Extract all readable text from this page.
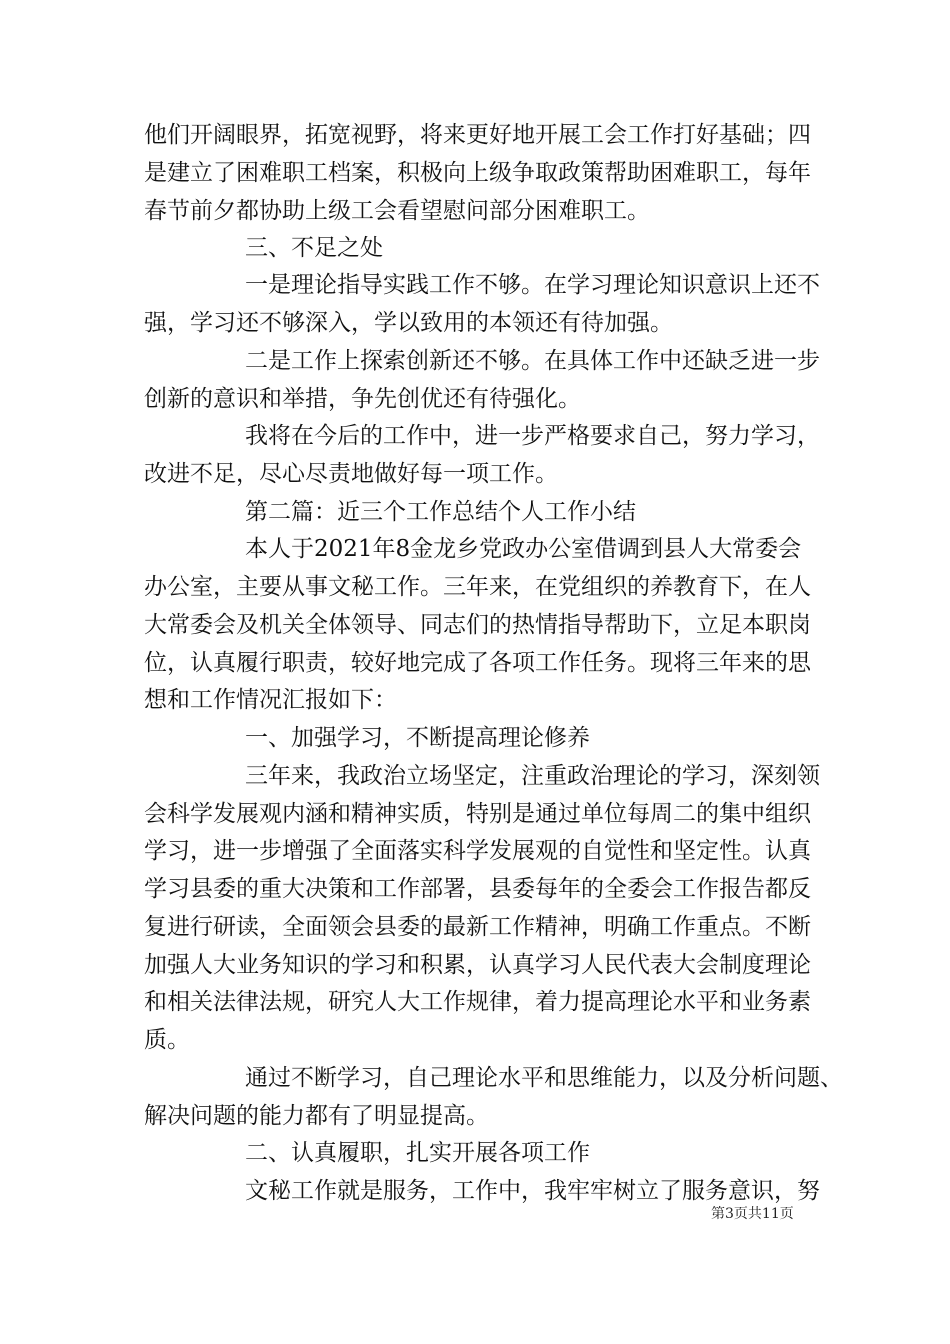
他们开阔眼界，拓宽视野，将来更好地开展工会工作打好基础；四
是建立了困难职工档案，积极向上级争取政策帮助困难职工，每年
春节前夕都协助上级工会看望慰问部分困难职工。
三、不足之处
一是理论指导实践工作不够。在学习理论知识意识上还不
强，学习还不够深入，学以致用的本领还有待加强。
二是工作上探索创新还不够。在具体工作中还缺乏进一步
创新的意识和举措，争先创优还有待强化。
我将在今后的工作中，进一步严格要求自己，努力学习，
改进不足，尽心尽责地做好每一项工作。
第二篇：近三个工作总结个人工作小结
本人于2021年8金龙乡党政办公室借调到县人大常委会
办公室，主要从事文秘工作。三年来，在党组织的养教育下，在人
大常委会及机关全体领导、同志们的热情指导帮助下，立足本职岗
位，认真履行职责，较好地完成了各项工作任务。现将三年来的思
想和工作情况汇报如下：
一、加强学习，不断提高理论修养
三年来，我政治立场坚定，注重政治理论的学习，深刻领
会科学发展观内涵和精神实质，特别是通过单位每周二的集中组织
学习，进一步增强了全面落实科学发展观的自觉性和坚定性。认真
学习县委的重大决策和工作部署，县委每年的全委会工作报告都反
复进行研读，全面领会县委的最新工作精神，明确工作重点。不断
加强人大业务知识的学习和积累，认真学习人民代表大会制度理论
和相关法律法规，研究人大工作规律，着力提高理论水平和业务素
质。
通过不断学习，自己理论水平和思维能力，以及分析问题、
解决问题的能力都有了明显提高。
二、认真履职，扎实开展各项工作
文秘工作就是服务，工作中，我牢牢树立了服务意识，努
第3页共11页
